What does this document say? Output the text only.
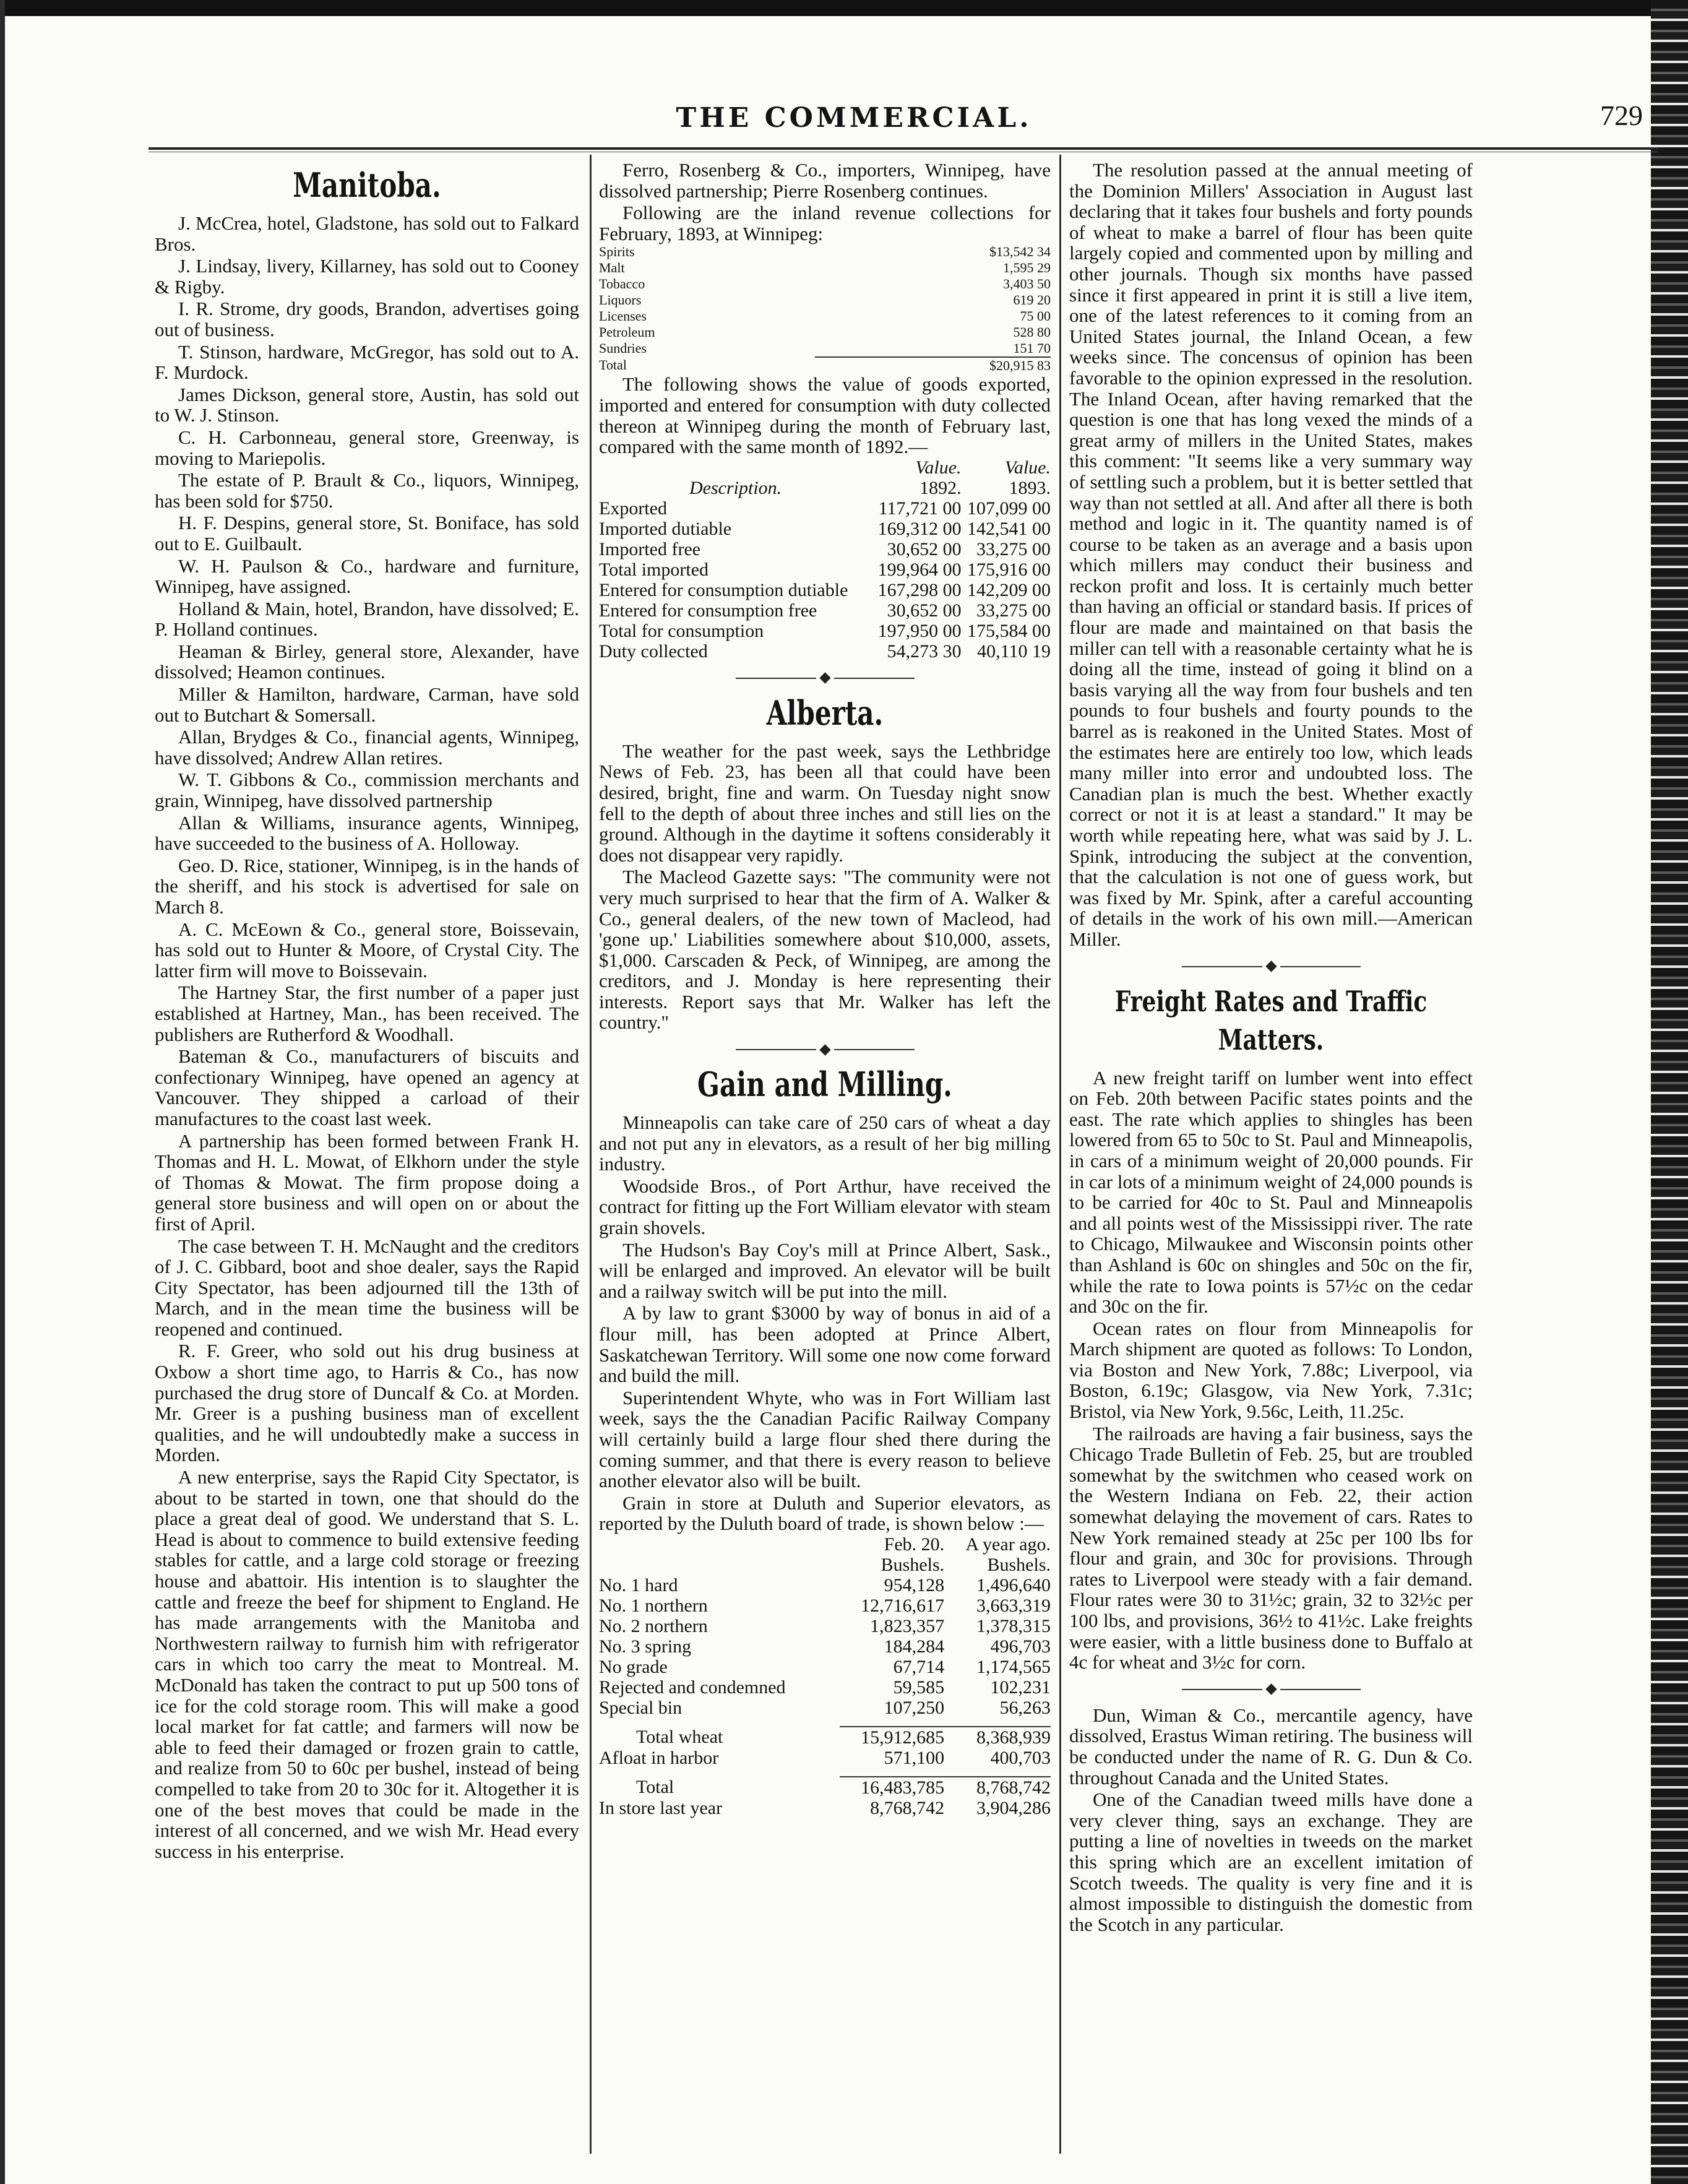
THE COMMERCIAL.	729
Manitoba.

J. McCrea, hotel, Gladstone, has sold out to Falkard Bros.

J. Lindsay, livery, Killarney, has sold out to Cooney & Rigby.

I. R. Strome, dry goods, Brandon, advertises going out of business.

T. Stinson, hardware, McGregor, has sold out to A. F. Murdock.

James Dickson, general store, Austin, has sold out to W. J. Stinson.

C. H. Carbonneau, general store, Greenway, is moving to Mariepolis.

The estate of P. Brault & Co., liquors, Winnipeg, has been sold for $750.

H. F. Despins, general store, St. Boniface, has sold out to E. Guilbault.

W. H. Paulson & Co., hardware and furniture, Winnipeg, have assigned.

Holland & Main, hotel, Brandon, have dissolved; E. P. Holland continues.

Heaman & Birley, general store, Alexander, have dissolved; Heamon continues.

Miller & Hamilton, hardware, Carman, have sold out to Butchart & Somersall.

Allan, Brydges & Co., financial agents, Winnipeg, have dissolved; Andrew Allan retires.

W. T. Gibbons & Co., commission merchants and grain, Winnipeg, have dissolved partnership

Allan & Williams, insurance agents, Winnipeg, have succeeded to the business of A. Holloway.

Geo. D. Rice, stationer, Winnipeg, is in the hands of the sheriff, and his stock is advertised for sale on March 8.

A. C. McEown & Co., general store, Boissevain, has sold out to Hunter & Moore, of Crystal City. The latter firm will move to Boissevain.

The Hartney Star, the first number of a paper just established at Hartney, Man., has been received. The publishers are Rutherford & Woodhall.

Bateman & Co., manufacturers of biscuits and confectionary Winnipeg, have opened an agency at Vancouver. They shipped a carload of their manufactures to the coast last week.

A partnership has been formed between Frank H. Thomas and H. L. Mowat, of Elkhorn under the style of Thomas & Mowat. The firm propose doing a general store business and will open on or about the first of April.

The case between T. H. McNaught and the creditors of J. C. Gibbard, boot and shoe dealer, says the Rapid City Spectator, has been adjourned till the 13th of March, and in the mean time the business will be reopened and continued.

R. F. Greer, who sold out his drug business at Oxbow a short time ago, to Harris & Co., has now purchased the drug store of Duncalf & Co. at Morden. Mr. Greer is a pushing business man of excellent qualities, and he will undoubtedly make a success in Morden.

A new enterprise, says the Rapid City Spectator, is about to be started in town, one that should do the place a great deal of good. We understand that S. L. Head is about to commence to build extensive feeding stables for cattle, and a large cold storage or freezing house and abattoir. His intention is to slaughter the cattle and freeze the beef for shipment to England. He has made arrangements with the Manitoba and Northwestern railway to furnish him with refrigerator cars in which too carry the meat to Montreal. M. McDonald has taken the contract to put up 500 tons of ice for the cold storage room. This will make a good local market for fat cattle; and farmers will now be able to feed their damaged or frozen grain to cattle, and realize from 50 to 60c per bushel, instead of being compelled to take from 20 to 30c for it. Altogether it is one of the best moves that could be made in the interest of all concerned, and we wish Mr. Head every success in his enterprise.

Ferro, Rosenberg & Co., importers, Winnipeg, have dissolved partnership; Pierre Rosenberg continues.

Following are the inland revenue collections for February, 1893, at Winnipeg:

Spirits	$13,542 34
Malt	1,595 29
Tobacco	3,403 50
Liquors	619 20
Licenses	75 00
Petroleum	528 80
Sundries	151 70
Total	$20,915 83

The following shows the value of goods exported, imported and entered for consumption with duty collected thereon at Winnipeg during the month of February last, compared with the same month of 1892.—

	Value.	Value.
Description.	1892.	1893.
Exported	117,721 00	107,099 00
Imported dutiable	169,312 00	142,541 00
Imported free	30,652 00	33,275 00
Total imported	199,964 00	175,916 00
Entered for consumption dutiable	167,298 00	142,209 00
Entered for consumption free	30,652 00	33,275 00
Total for consumption	197,950 00	175,584 00
Duty collected	54,273 30	40,110 19
Alberta.

The weather for the past week, says the Lethbridge News of Feb. 23, has been all that could have been desired, bright, fine and warm. On Tuesday night snow fell to the depth of about three inches and still lies on the ground. Although in the daytime it softens considerably it does not disappear very rapidly.

The Macleod Gazette says: "The community were not very much surprised to hear that the firm of A. Walker & Co., general dealers, of the new town of Macleod, had 'gone up.' Liabilities somewhere about $10,000, assets, $1,000. Carscaden & Peck, of Winnipeg, are among the creditors, and J. Monday is here representing their interests. Report says that Mr. Walker has left the country."

Gain and Milling.

Minneapolis can take care of 250 cars of wheat a day and not put any in elevators, as a result of her big milling industry.

Woodside Bros., of Port Arthur, have received the contract for fitting up the Fort William elevator with steam grain shovels.

The Hudson's Bay Coy's mill at Prince Albert, Sask., will be enlarged and improved. An elevator will be built and a railway switch will be put into the mill.

A by law to grant $3000 by way of bonus in aid of a flour mill, has been adopted at Prince Albert, Saskatchewan Territory. Will some one now come forward and build the mill.

Superintendent Whyte, who was in Fort William last week, says the the Canadian Pacific Railway Company will certainly build a large flour shed there during the coming summer, and that there is every reason to believe another elevator also will be built.

Grain in store at Duluth and Superior elevators, as reported by the Duluth board of trade, is shown below :—

	Feb. 20.	A year ago.
	Bushels.	Bushels.
No. 1 hard	954,128	1,496,640
No. 1 northern	12,716,617	3,663,319
No. 2 northern	1,823,357	1,378,315
No. 3 spring	184,284	496,703
No grade	67,714	1,174,565
Rejected and condemned	59,585	102,231
Special bin	107,250	56,263

Total wheat	15,912,685	8,368,939
Afloat in harbor	571,100	400,703

Total	16,483,785	8,768,742
In store last year	8,768,742	3,904,286

The resolution passed at the annual meeting of the Dominion Millers' Association in August last declaring that it takes four bushels and forty pounds of wheat to make a barrel of flour has been quite largely copied and commented upon by milling and other journals. Though six months have passed since it first appeared in print it is still a live item, one of the latest references to it coming from an United States journal, the Inland Ocean, a few weeks since. The concensus of opinion has been favorable to the opinion expressed in the resolution. The Inland Ocean, after having remarked that the question is one that has long vexed the minds of a great army of millers in the United States, makes this comment: "It seems like a very summary way of settling such a problem, but it is better settled that way than not settled at all. And after all there is both method and logic in it. The quantity named is of course to be taken as an average and a basis upon which millers may conduct their business and reckon profit and loss. It is certainly much better than having an official or standard basis. If prices of flour are made and maintained on that basis the miller can tell with a reasonable certainty what he is doing all the time, instead of going it blind on a basis varying all the way from four bushels and ten pounds to four bushels and fourty pounds to the barrel as is reakoned in the United States. Most of the estimates here are entirely too low, which leads many miller into error and undoubted loss. The Canadian plan is much the best. Whether exactly correct or not it is at least a standard." It may be worth while repeating here, what was said by J. L. Spink, introducing the subject at the convention, that the calculation is not one of guess work, but was fixed by Mr. Spink, after a careful accounting of details in the work of his own mill.—American Miller.

Freight Rates and Traffic Matters.

A new freight tariff on lumber went into effect on Feb. 20th between Pacific states points and the east. The rate which applies to shingles has been lowered from 65 to 50c to St. Paul and Minneapolis, in cars of a minimum weight of 20,000 pounds. Fir in car lots of a minimum weight of 24,000 pounds is to be carried for 40c to St. Paul and Minneapolis and all points west of the Mississippi river. The rate to Chicago, Milwaukee and Wisconsin points other than Ashland is 60c on shingles and 50c on the fir, while the rate to Iowa points is 57½c on the cedar and 30c on the fir.

Ocean rates on flour from Minneapolis for March shipment are quoted as follows: To London, via Boston and New York, 7.88c; Liverpool, via Boston, 6.19c; Glasgow, via New York, 7.31c; Bristol, via New York, 9.56c, Leith, 11.25c.

The railroads are having a fair business, says the Chicago Trade Bulletin of Feb. 25, but are troubled somewhat by the switchmen who ceased work on the Western Indiana on Feb. 22, their action somewhat delaying the movement of cars. Rates to New York remained steady at 25c per 100 lbs for flour and grain, and 30c for provisions. Through rates to Liverpool were steady with a fair demand. Flour rates were 30 to 31½c; grain, 32 to 32½c per 100 lbs, and provisions, 36½ to 41½c. Lake freights were easier, with a little business done to Buffalo at 4c for wheat and 3½c for corn.

Dun, Wiman & Co., mercantile agency, have dissolved, Erastus Wiman retiring. The business will be conducted under the name of R. G. Dun & Co. throughout Canada and the United States.

One of the Canadian tweed mills have done a very clever thing, says an exchange. They are putting a line of novelties in tweeds on the market this spring which are an excellent imitation of Scotch tweeds. The quality is very fine and it is almost impossible to distinguish the domestic from the Scotch in any particular.
